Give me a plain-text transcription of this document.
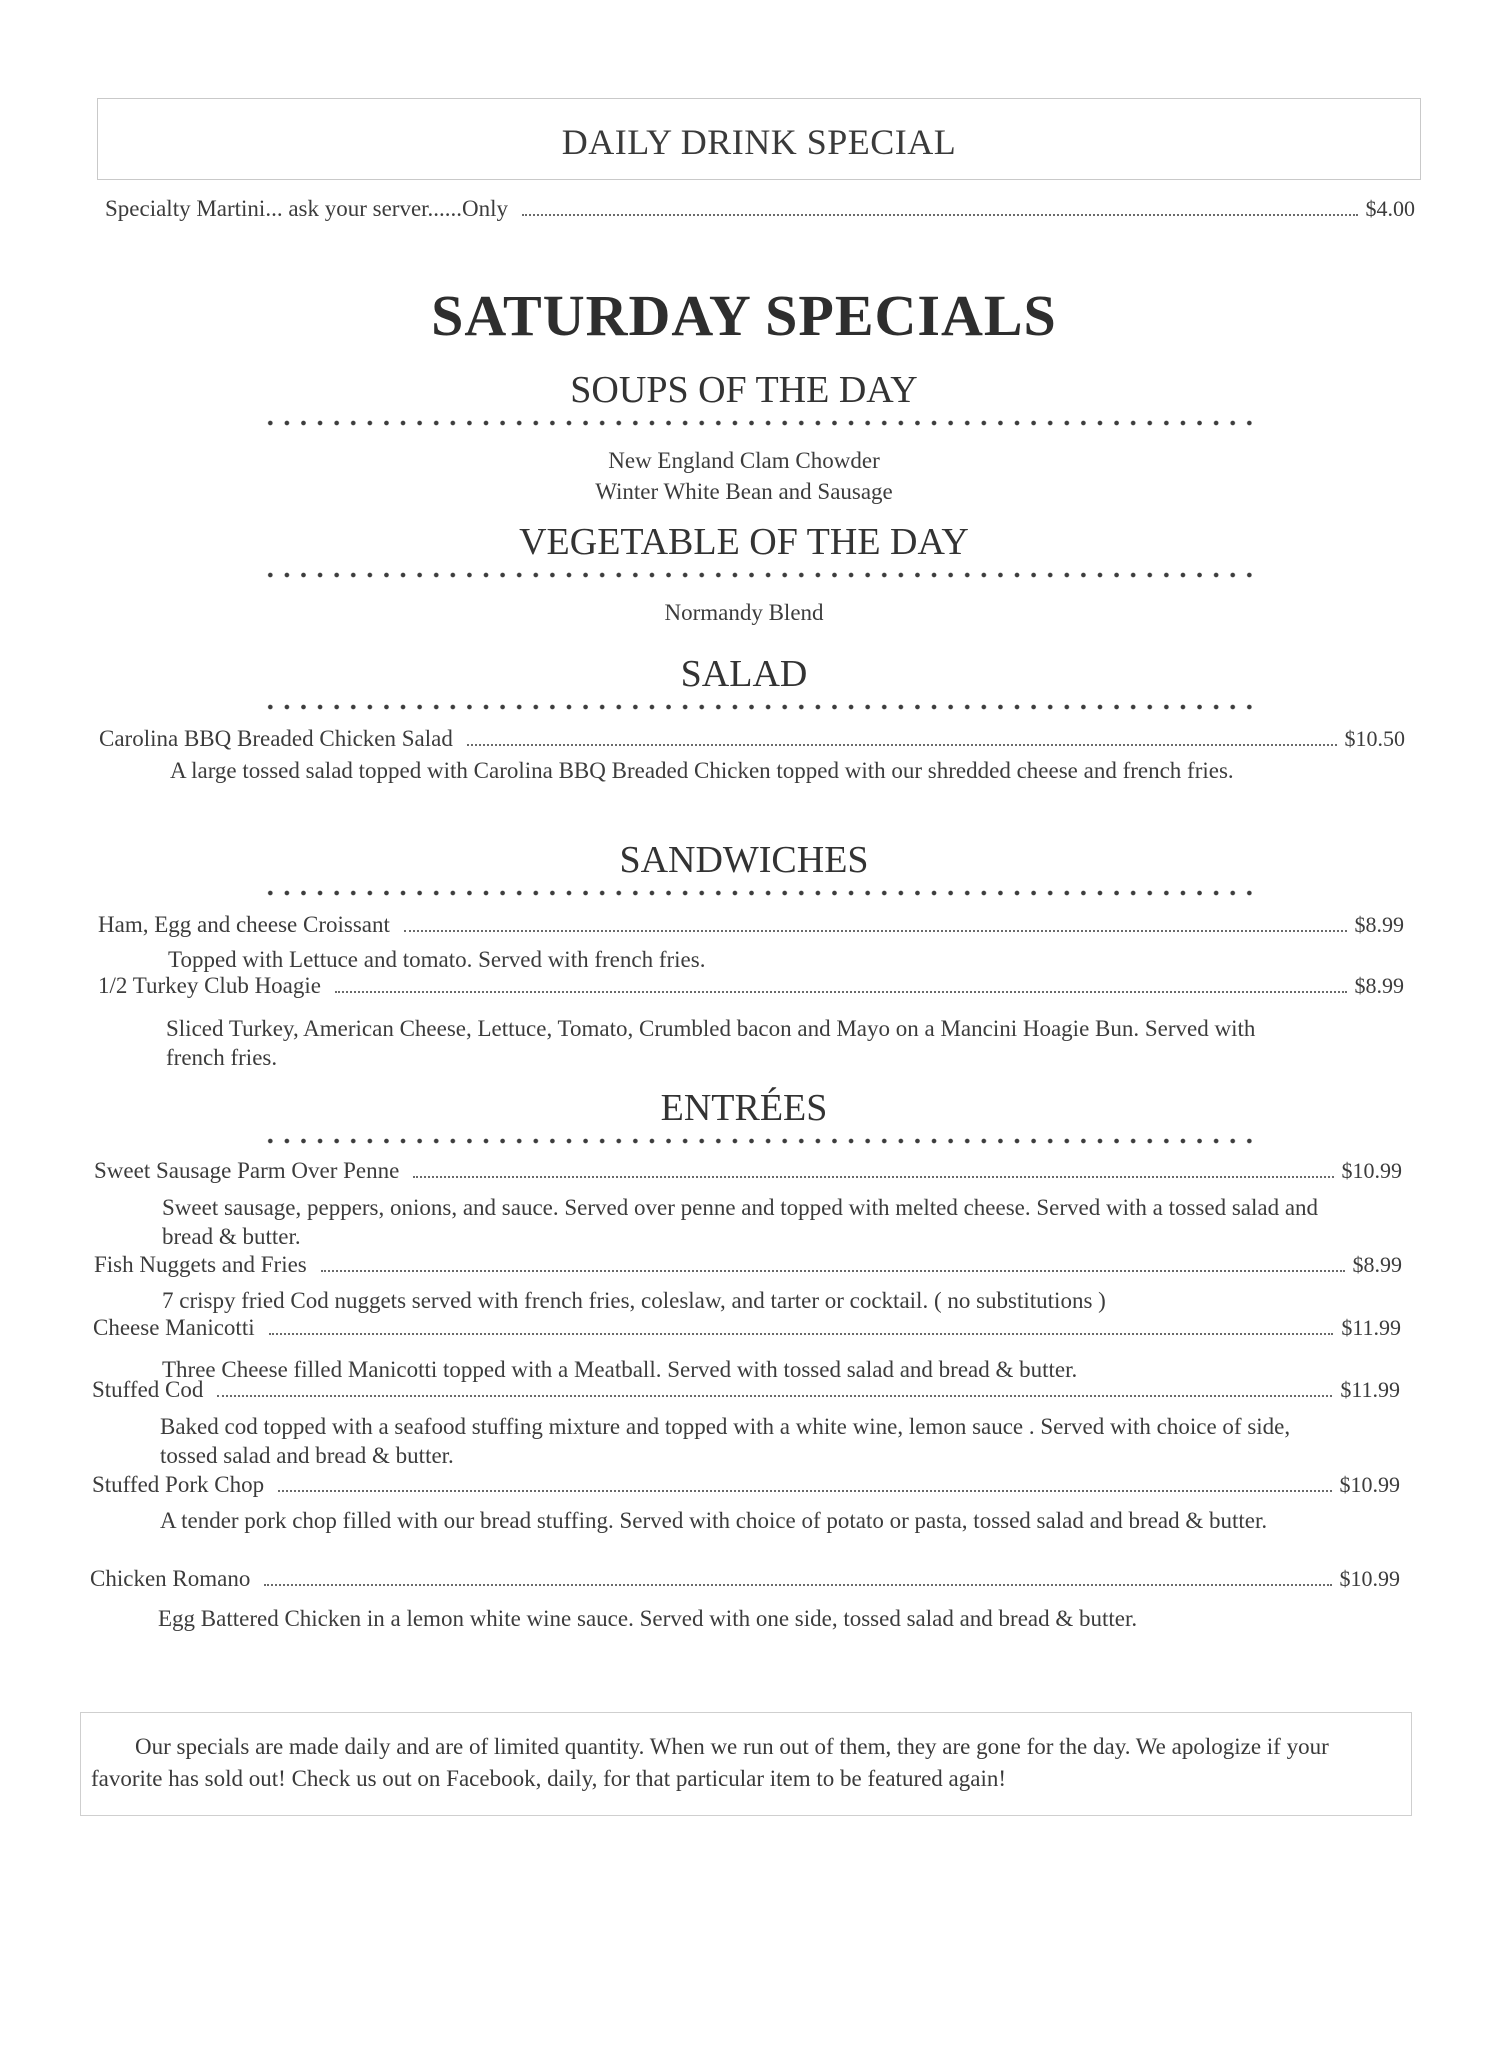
DAILY DRINK SPECIAL
Specialty Martini... ask your server......Only	$4.00
SATURDAY SPECIALS
SOUPS OF THE DAY
New England Clam Chowder
Winter White Bean and Sausage
VEGETABLE OF THE DAY
Normandy Blend
SALAD
Carolina BBQ Breaded Chicken Salad	$10.50
A large tossed salad topped with Carolina BBQ Breaded Chicken topped with our shredded cheese and french fries.
SANDWICHES
Ham, Egg and cheese Croissant	$8.99
Topped with Lettuce and tomato. Served with french fries.
1/2 Turkey Club Hoagie	$8.99
Sliced Turkey, American Cheese, Lettuce, Tomato, Crumbled bacon and Mayo on a Mancini Hoagie Bun. Served with french fries.
ENTRÉES
Sweet Sausage Parm Over Penne	$10.99
Sweet sausage, peppers, onions, and sauce. Served over penne and topped with melted cheese. Served with a tossed salad and bread & butter.
Fish Nuggets and Fries	$8.99
7 crispy fried Cod nuggets served with french fries, coleslaw, and tarter or cocktail. ( no substitutions )
Cheese Manicotti	$11.99
Three Cheese filled Manicotti topped with a Meatball. Served with tossed salad and bread & butter.
Stuffed Cod	$11.99
Baked cod topped with a seafood stuffing mixture and topped with a white wine, lemon sauce . Served with choice of side, tossed salad and bread & butter.
Stuffed Pork Chop	$10.99
A tender pork chop filled with our bread stuffing. Served with choice of potato or pasta, tossed salad and bread & butter.
Chicken Romano	$10.99
Egg Battered Chicken in a lemon white wine sauce. Served with one side, tossed salad and bread & butter.
Our specials are made daily and are of limited quantity. When we run out of them, they are gone for the day. We apologize if your favorite has sold out! Check us out on Facebook, daily, for that particular item to be featured again!
